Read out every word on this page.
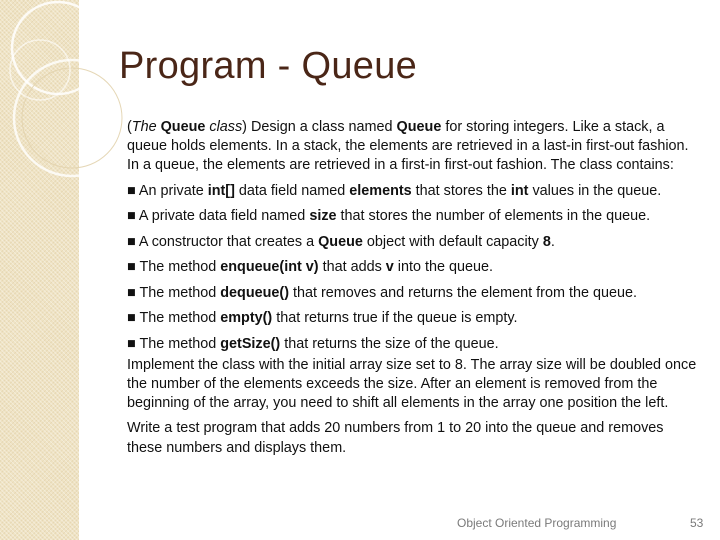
Program - Queue

(The Queue class) Design a class named Queue for storing integers. Like a stack, a queue holds elements. In a stack, the elements are retrieved in a last-in first-out fashion. In a queue, the elements are retrieved in a first-in first-out fashion. The class contains:

■ An private int[] data field named elements that stores the int values in the queue.

■ A private data field named size that stores the number of elements in the queue.

■ A constructor that creates a Queue object with default capacity 8.

■ The method enqueue(int v) that adds v into the queue.

■ The method dequeue() that removes and returns the element from the queue.

■ The method empty() that returns true if the queue is empty.

■ The method getSize() that returns the size of the queue.

Implement the class with the initial array size set to 8. The array size will be doubled once the number of the elements exceeds the size. After an element is removed from the beginning of the array, you need to shift all elements in the array one position the left.

Write a test program that adds 20 numbers from 1 to 20 into the queue and removes these numbers and displays them.

Object Oriented Programming	53
